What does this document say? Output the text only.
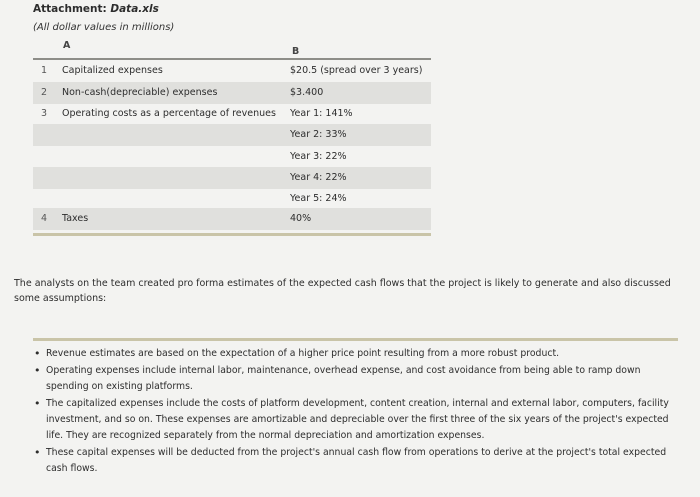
Attachment: Data.xls
(All dollar values in millions)
A
B
1 Capitalized expenses	$20.5 (spread over 3 years)
2 Non-cash(depreciable) expenses	$3.400
3 Operating costs as a percentage of revenues Year 1: 141%
Year 2: 33%
Year 3: 22%
Year 4: 22%
Year 5: 24%
4 Taxes	40%
The analysts on the team created pro forma estimates of the expected cash flows that the project is likely to generate and also discussed some assumptions:
• Revenue estimates are based on the expectation of a higher price point resulting from a more robust product.
• Operating expenses include internal labor, maintenance, overhead expense, and cost avoidance from being able to ramp down spending on existing platforms.
• The capitalized expenses include the costs of platform development, content creation, internal and external labor, computers, facility investment, and so on. These expenses are amortizable and depreciable over the first three of the six years of the project's expected life. They are recognized separately from the normal depreciation and amortization expenses.
• These capital expenses will be deducted from the project's annual cash flow from operations to derive at the project's total expected cash flows.
